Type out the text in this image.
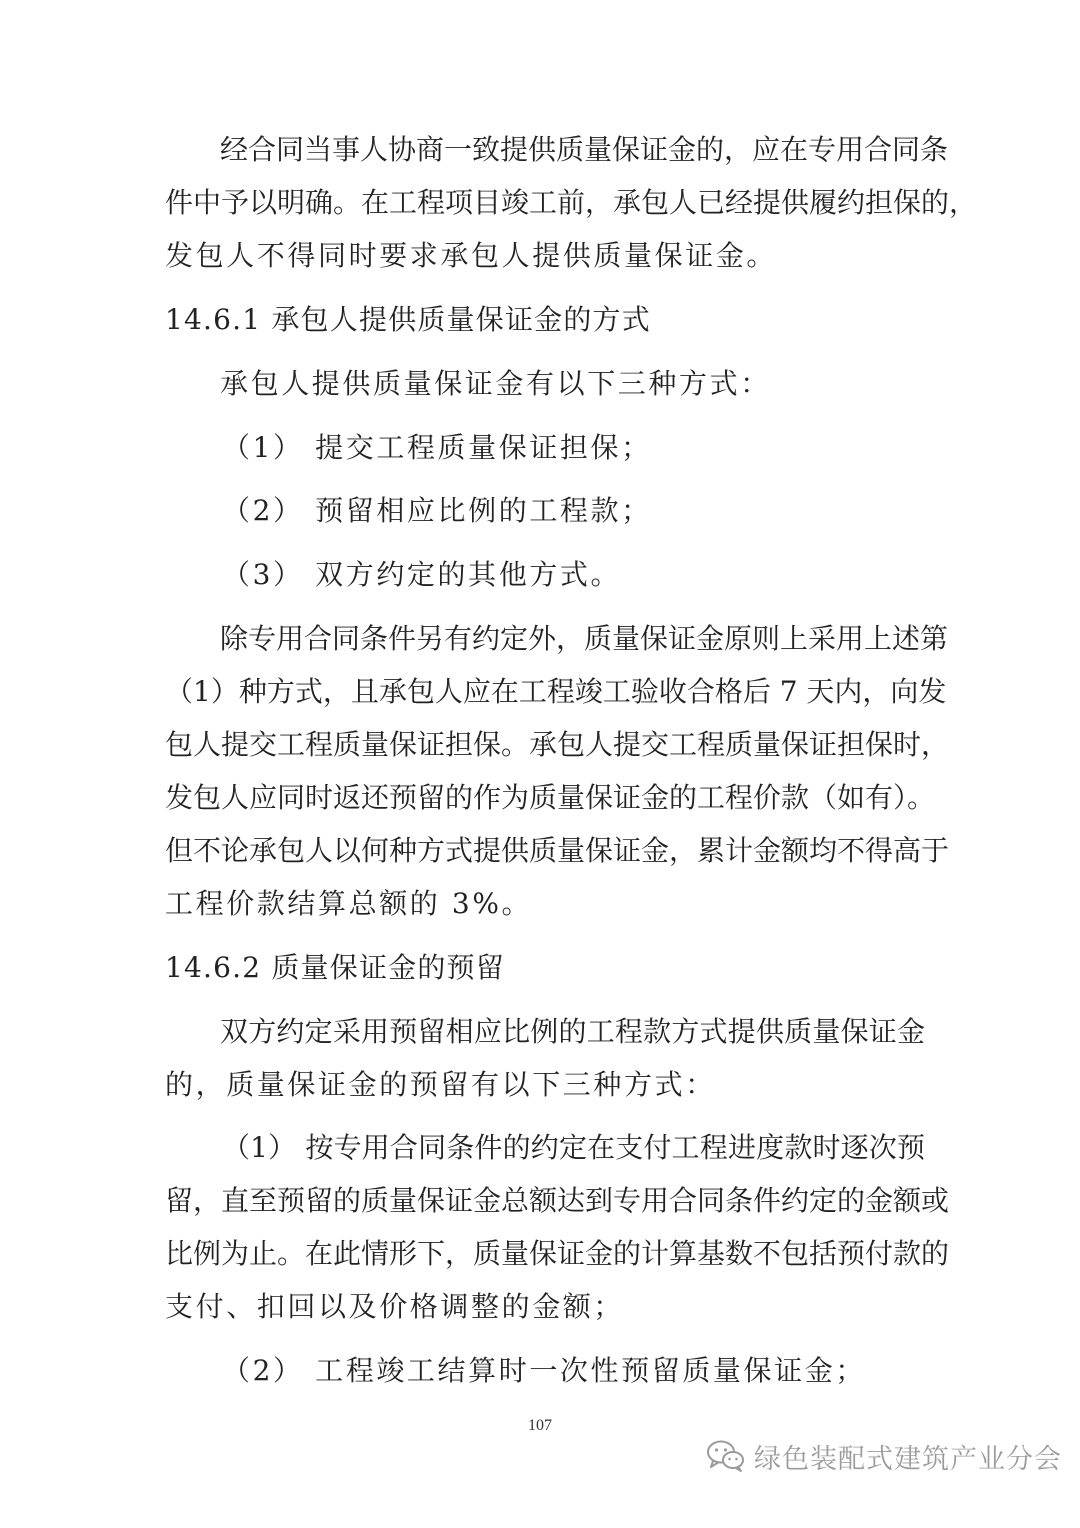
经合同当事人协商一致提供质量保证金的，应在专用合同条
件中予以明确。在工程项目竣工前，承包人已经提供履约担保的，
发包人不得同时要求承包人提供质量保证金。
14.6.1 承包人提供质量保证金的方式
承包人提供质量保证金有以下三种方式：
（1） 提交工程质量保证担保；
（2） 预留相应比例的工程款；
（3） 双方约定的其他方式。
除专用合同条件另有约定外，质量保证金原则上采用上述第
（1）种方式，且承包人应在工程竣工验收合格后 7 天内，向发
包人提交工程质量保证担保。承包人提交工程质量保证担保时，
发包人应同时返还预留的作为质量保证金的工程价款（如有）。
但不论承包人以何种方式提供质量保证金，累计金额均不得高于
工程价款结算总额的 3%。
14.6.2 质量保证金的预留
双方约定采用预留相应比例的工程款方式提供质量保证金
的，质量保证金的预留有以下三种方式：
（1） 按专用合同条件的约定在支付工程进度款时逐次预
留，直至预留的质量保证金总额达到专用合同条件约定的金额或
比例为止。在此情形下，质量保证金的计算基数不包括预付款的
支付、扣回以及价格调整的金额；
（2） 工程竣工结算时一次性预留质量保证金；
107
绿色装配式建筑产业分会
